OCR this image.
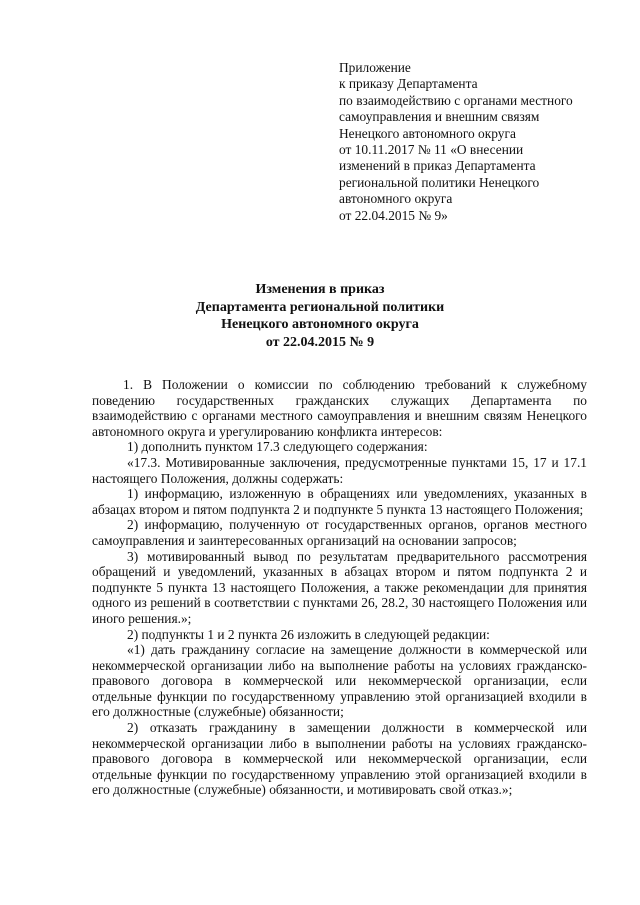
Приложение
к приказу Департамента
по взаимодействию с органами местного
самоуправления и внешним связям
Ненецкого автономного округа
от 10.11.2017 № 11 «О внесении
изменений в приказ Департамента
региональной политики Ненецкого
автономного округа
от 22.04.2015 № 9»
Изменения в приказ
Департамента региональной политики
Ненецкого автономного округа
от 22.04.2015 № 9

1. В Положении о комиссии по соблюдению требований к служебному поведению государственных гражданских служащих Департамента по взаимодействию с органами местного самоуправления и внешним связям Ненецкого автономного округа и урегулированию конфликта интересов:

1) дополнить пунктом 17.3 следующего содержания:

«17.3. Мотивированные заключения, предусмотренные пунктами 15, 17 и 17.1 настоящего Положения, должны содержать:

1) информацию, изложенную в обращениях или уведомлениях, указанных в абзацах втором и пятом подпункта 2 и подпункте 5 пункта 13 настоящего Положения;

2) информацию, полученную от государственных органов, органов местного самоуправления и заинтересованных организаций на основании запросов;

3) мотивированный вывод по результатам предварительного рассмотрения обращений и уведомлений, указанных в абзацах втором и пятом подпункта 2 и подпункте 5 пункта 13 настоящего Положения, а также рекомендации для принятия одного из решений в соответствии с пунктами 26, 28.2, 30 настоящего Положения или иного решения.»;

2) подпункты 1 и 2 пункта 26 изложить в следующей редакции:

«1) дать гражданину согласие на замещение должности в коммерческой или некоммерческой организации либо на выполнение работы на условиях гражданско-правового договора в коммерческой или некоммерческой организации, если отдельные функции по государственному управлению этой организацией входили в его должностные (служебные) обязанности;

2) отказать гражданину в замещении должности в коммерческой или некоммерческой организации либо в выполнении работы на условиях гражданско-правового договора в коммерческой или некоммерческой организации, если отдельные функции по государственному управлению этой организацией входили в его должностные (служебные) обязанности, и мотивировать свой отказ.»;
